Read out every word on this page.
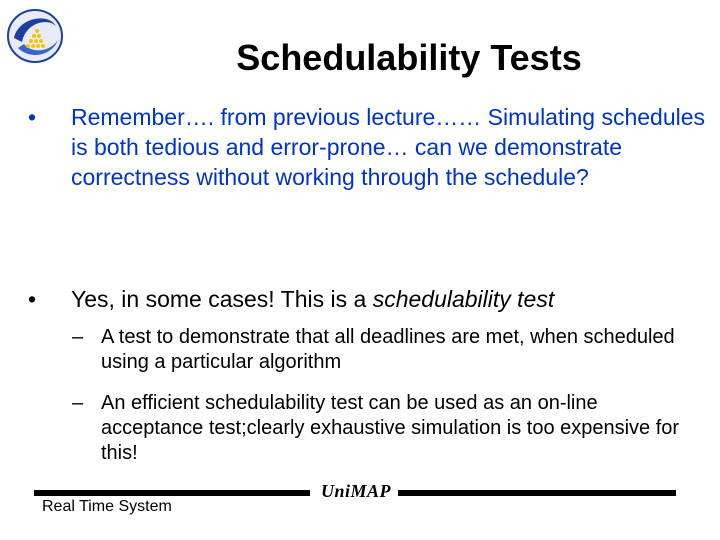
Schedulability Tests
• Remember…. from previous lecture…… Simulating schedules is both tedious and error-prone… can we demonstrate correctness without working through the schedule?
• Yes, in some cases! This is a schedulability test
– A test to demonstrate that all deadlines are met, when scheduled using a particular algorithm
– An efficient schedulability test can be used as an on-line acceptance test;clearly exhaustive simulation is too expensive for this!
UniMAP
Real Time System
